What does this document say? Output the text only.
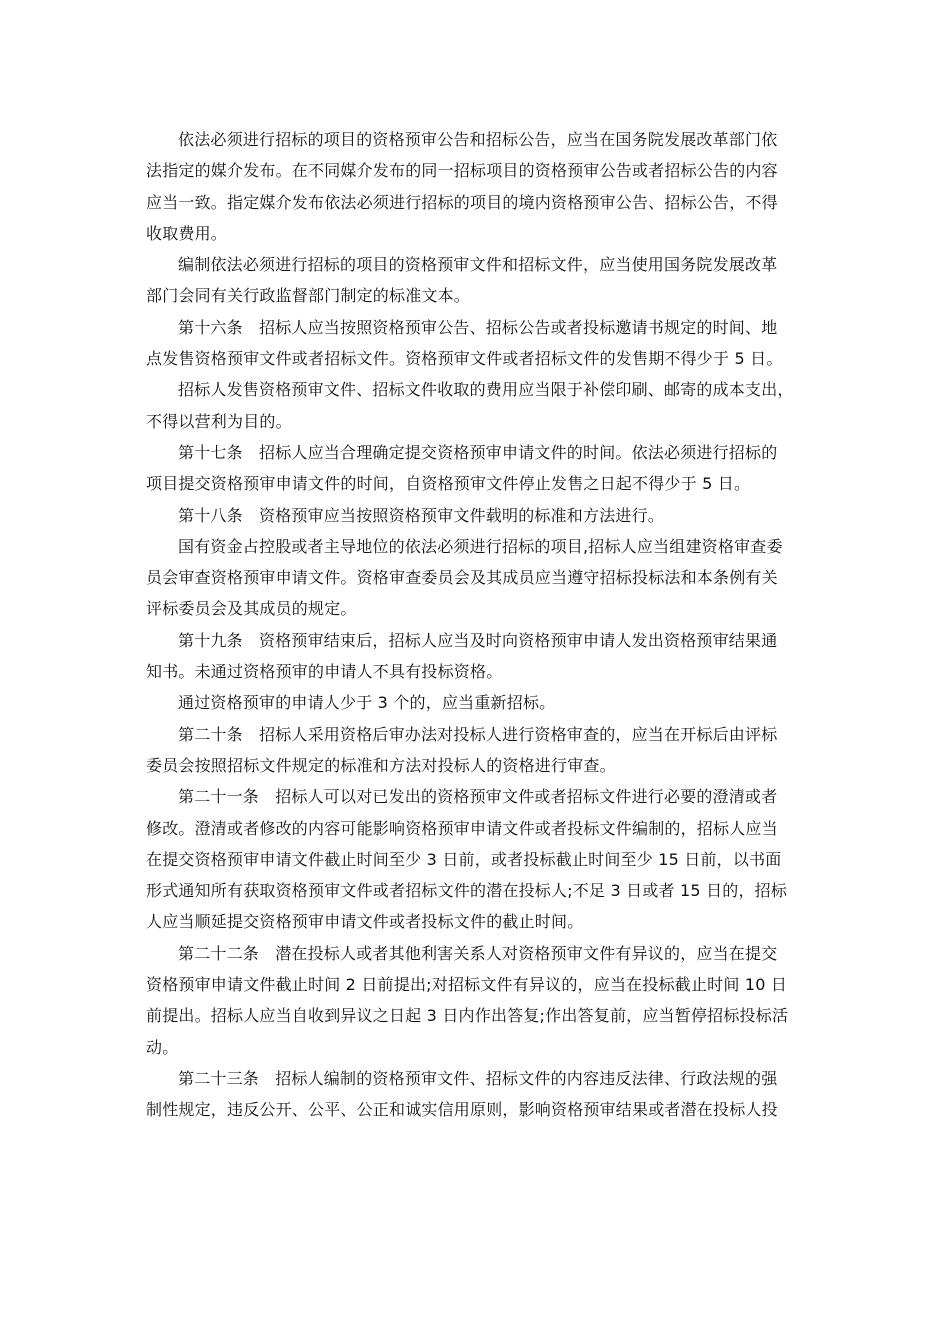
依法必须进行招标的项目的资格预审公告和招标公告，应当在国务院发展改革部门依
法指定的媒介发布。在不同媒介发布的同一招标项目的资格预审公告或者招标公告的内容
应当一致。指定媒介发布依法必须进行招标的项目的境内资格预审公告、招标公告，不得
收取费用。
编制依法必须进行招标的项目的资格预审文件和招标文件，应当使用国务院发展改革
部门会同有关行政监督部门制定的标准文本。
第十六条　招标人应当按照资格预审公告、招标公告或者投标邀请书规定的时间、地
点发售资格预审文件或者招标文件。资格预审文件或者招标文件的发售期不得少于 5 日。
招标人发售资格预审文件、招标文件收取的费用应当限于补偿印刷、邮寄的成本支出，
不得以营利为目的。
第十七条　招标人应当合理确定提交资格预审申请文件的时间。依法必须进行招标的
项目提交资格预审申请文件的时间，自资格预审文件停止发售之日起不得少于 5 日。
第十八条　资格预审应当按照资格预审文件载明的标准和方法进行。
国有资金占控股或者主导地位的依法必须进行招标的项目,招标人应当组建资格审查委
员会审查资格预审申请文件。资格审查委员会及其成员应当遵守招标投标法和本条例有关
评标委员会及其成员的规定。
第十九条　资格预审结束后，招标人应当及时向资格预审申请人发出资格预审结果通
知书。未通过资格预审的申请人不具有投标资格。
通过资格预审的申请人少于 3 个的，应当重新招标。
第二十条　招标人采用资格后审办法对投标人进行资格审查的，应当在开标后由评标
委员会按照招标文件规定的标准和方法对投标人的资格进行审查。
第二十一条　招标人可以对已发出的资格预审文件或者招标文件进行必要的澄清或者
修改。澄清或者修改的内容可能影响资格预审申请文件或者投标文件编制的，招标人应当
在提交资格预审申请文件截止时间至少 3 日前，或者投标截止时间至少 15 日前，以书面
形式通知所有获取资格预审文件或者招标文件的潜在投标人;不足 3 日或者 15 日的，招标
人应当顺延提交资格预审申请文件或者投标文件的截止时间。
第二十二条　潜在投标人或者其他利害关系人对资格预审文件有异议的，应当在提交
资格预审申请文件截止时间 2 日前提出;对招标文件有异议的，应当在投标截止时间 10 日
前提出。招标人应当自收到异议之日起 3 日内作出答复;作出答复前，应当暂停招标投标活
动。
第二十三条　招标人编制的资格预审文件、招标文件的内容违反法律、行政法规的强
制性规定，违反公开、公平、公正和诚实信用原则，影响资格预审结果或者潜在投标人投
